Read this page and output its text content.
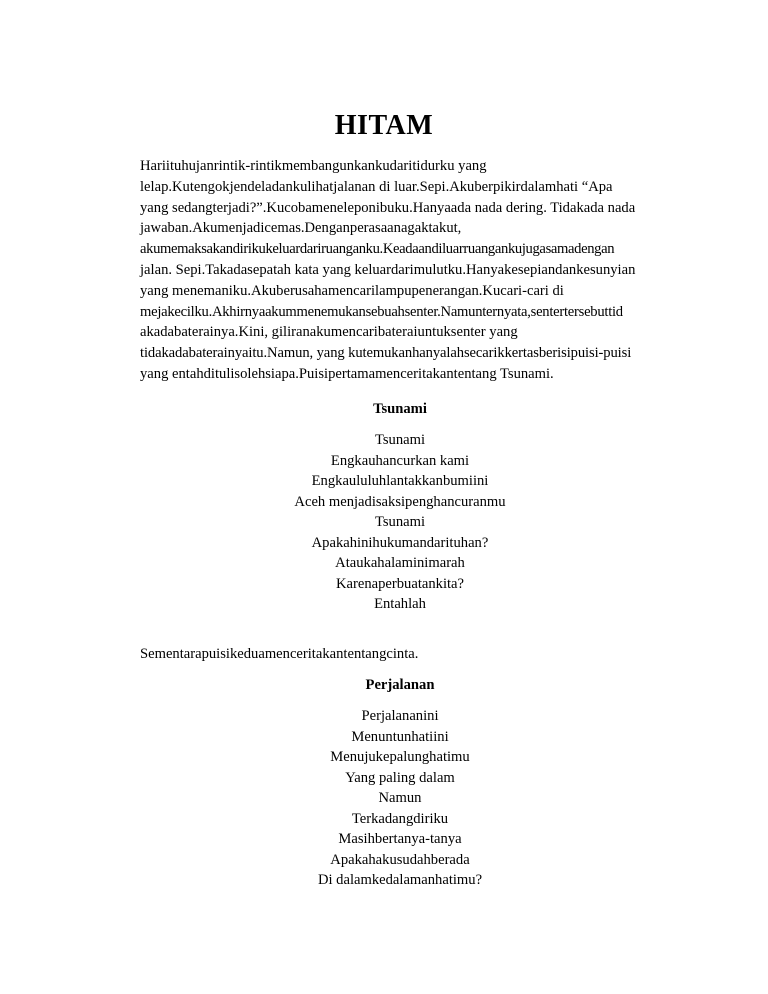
HITAM

Hariituhujanrintik-rintikmembangunkankudaritidurku yang
lelap.Kutengokjendeladankulihatjalanan di luar.Sepi.Akuberpikirdalamhati “Apa
yang sedangterjadi?”.Kucobameneleponibuku.Hanyaada nada dering. Tidakada nada
jawaban.Akumenjadicemas.Denganperasaanagaktakut,
akumemaksakandirikukeluardariruanganku.Keadaandiluarruangankujugasamadengan
jalan. Sepi.Takadasepatah kata yang keluardarimulutku.Hanyakesepiandankesunyian
yang menemaniku.Akuberusahamencarilampupenerangan.Kucari-cari di
mejakecilku.Akhirnyaakummenemukansebuahsenter.Namunternyata,sentertersebuttid
akadabaterainya.Kini, giliranakumencaribateraiuntuksenter yang
tidakadabaterainyaitu.Namun, yang kutemukanhanyalahsecarikkertasberisipuisi-puisi
yang entahditulisolehsiapa.Puisipertamamenceritakantentang Tsunami.

Tsunami
Tsunami
Engkauhancurkan kami
Engkaululuhlantakkanbumiini
Aceh menjadisaksipenghancuranmu
Tsunami
Apakahinihukumandarituhan?
Ataukahalaminimarah
Karenaperbuatankita?
Entahlah

Sementarapuisikeduamenceritakantentangcinta.

Perjalanan
Perjalananini
Menuntunhatiini
Menujukepalunghatimu
Yang paling dalam
Namun
Terkadangdiriku
Masihbertanya-tanya
Apakahakusudahberada
Di dalamkedalamanhatimu?
